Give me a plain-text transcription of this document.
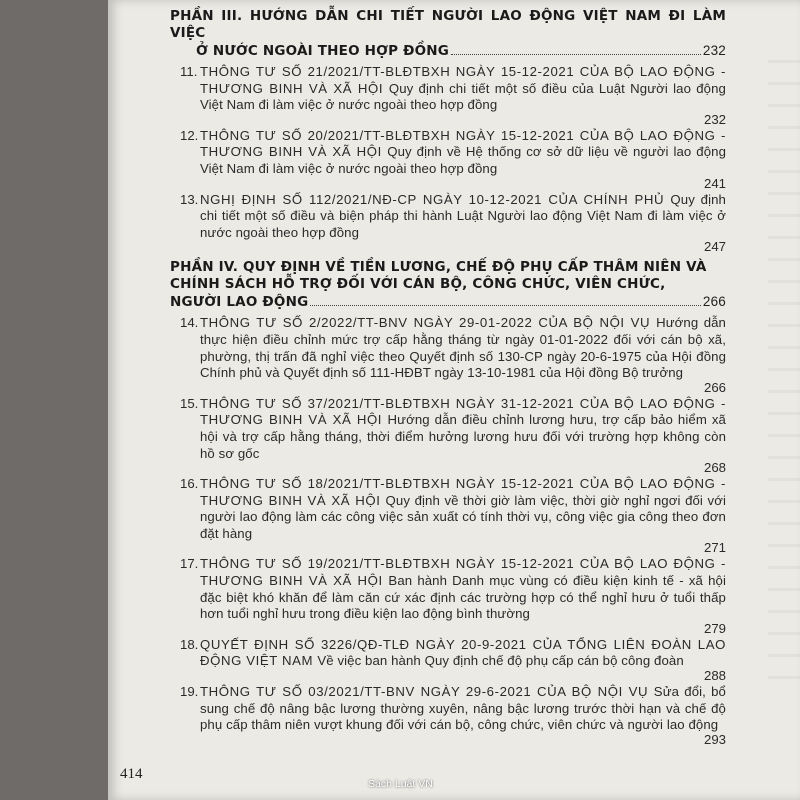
PHẦN III. HƯỚNG DẪN CHI TIẾT NGƯỜI LAO ĐỘNG VIỆT NAM ĐI LÀM VIỆC
Ở NƯỚC NGOÀI THEO HỢP ĐỒNG	232
11. THÔNG TƯ SỐ 21/2021/TT-BLĐTBXH NGÀY 15-12-2021 CỦA BỘ LAO ĐỘNG - THƯƠNG BINH VÀ XÃ HỘI Quy định chi tiết một số điều của Luật Người lao động Việt Nam đi làm việc ở nước ngoài theo hợp đồng
232
12. THÔNG TƯ SỐ 20/2021/TT-BLĐTBXH NGÀY 15-12-2021 CỦA BỘ LAO ĐỘNG - THƯƠNG BINH VÀ XÃ HỘI Quy định về Hệ thống cơ sở dữ liệu về người lao động Việt Nam đi làm việc ở nước ngoài theo hợp đồng
241
13. NGHỊ ĐỊNH SỐ 112/2021/NĐ-CP NGÀY 10-12-2021 CỦA CHÍNH PHỦ Quy định chi tiết một số điều và biện pháp thi hành Luật Người lao động Việt Nam đi làm việc ở nước ngoài theo hợp đồng
247
PHẦN IV. QUY ĐỊNH VỀ TIỀN LƯƠNG, CHẾ ĐỘ PHỤ CẤP THÂM NIÊN VÀ
CHÍNH SÁCH HỖ TRỢ ĐỐI VỚI CÁN BỘ, CÔNG CHỨC, VIÊN CHỨC,
NGƯỜI LAO ĐỘNG	266
14. THÔNG TƯ SỐ 2/2022/TT-BNV NGÀY 29-01-2022 CỦA BỘ NỘI VỤ Hướng dẫn thực hiện điều chỉnh mức trợ cấp hằng tháng từ ngày 01-01-2022 đối với cán bộ xã, phường, thị trấn đã nghỉ việc theo Quyết định số 130-CP ngày 20-6-1975 của Hội đồng Chính phủ và Quyết định số 111-HĐBT ngày 13-10-1981 của Hội đồng Bộ trưởng
266
15. THÔNG TƯ SỐ 37/2021/TT-BLĐTBXH NGÀY 31-12-2021 CỦA BỘ LAO ĐỘNG - THƯƠNG BINH VÀ XÃ HỘI Hướng dẫn điều chỉnh lương hưu, trợ cấp bảo hiểm xã hội và trợ cấp hằng tháng, thời điểm hưởng lương hưu đối với trường hợp không còn hồ sơ gốc
268
16. THÔNG TƯ SỐ 18/2021/TT-BLĐTBXH NGÀY 15-12-2021 CỦA BỘ LAO ĐỘNG - THƯƠNG BINH VÀ XÃ HỘI Quy định về thời giờ làm việc, thời giờ nghỉ ngơi đối với người lao động làm các công việc sản xuất có tính thời vụ, công việc gia công theo đơn đặt hàng
271
17. THÔNG TƯ SỐ 19/2021/TT-BLĐTBXH NGÀY 15-12-2021 CỦA BỘ LAO ĐỘNG - THƯƠNG BINH VÀ XÃ HỘI Ban hành Danh mục vùng có điều kiện kinh tế - xã hội đặc biệt khó khăn để làm căn cứ xác định các trường hợp có thể nghỉ hưu ở tuổi thấp hơn tuổi nghỉ hưu trong điều kiện lao động bình thường
279
18. QUYẾT ĐỊNH SỐ 3226/QĐ-TLĐ NGÀY 20-9-2021 CỦA TỔNG LIÊN ĐOÀN LAO ĐỘNG VIỆT NAM Về việc ban hành Quy định chế độ phụ cấp cán bộ công đoàn
288
19. THÔNG TƯ SỐ 03/2021/TT-BNV NGÀY 29-6-2021 CỦA BỘ NỘI VỤ Sửa đổi, bổ sung chế độ nâng bậc lương thường xuyên, nâng bậc lương trước thời hạn và chế độ phụ cấp thâm niên vượt khung đối với cán bộ, công chức, viên chức và người lao động
293
414
Sách Luật VN
